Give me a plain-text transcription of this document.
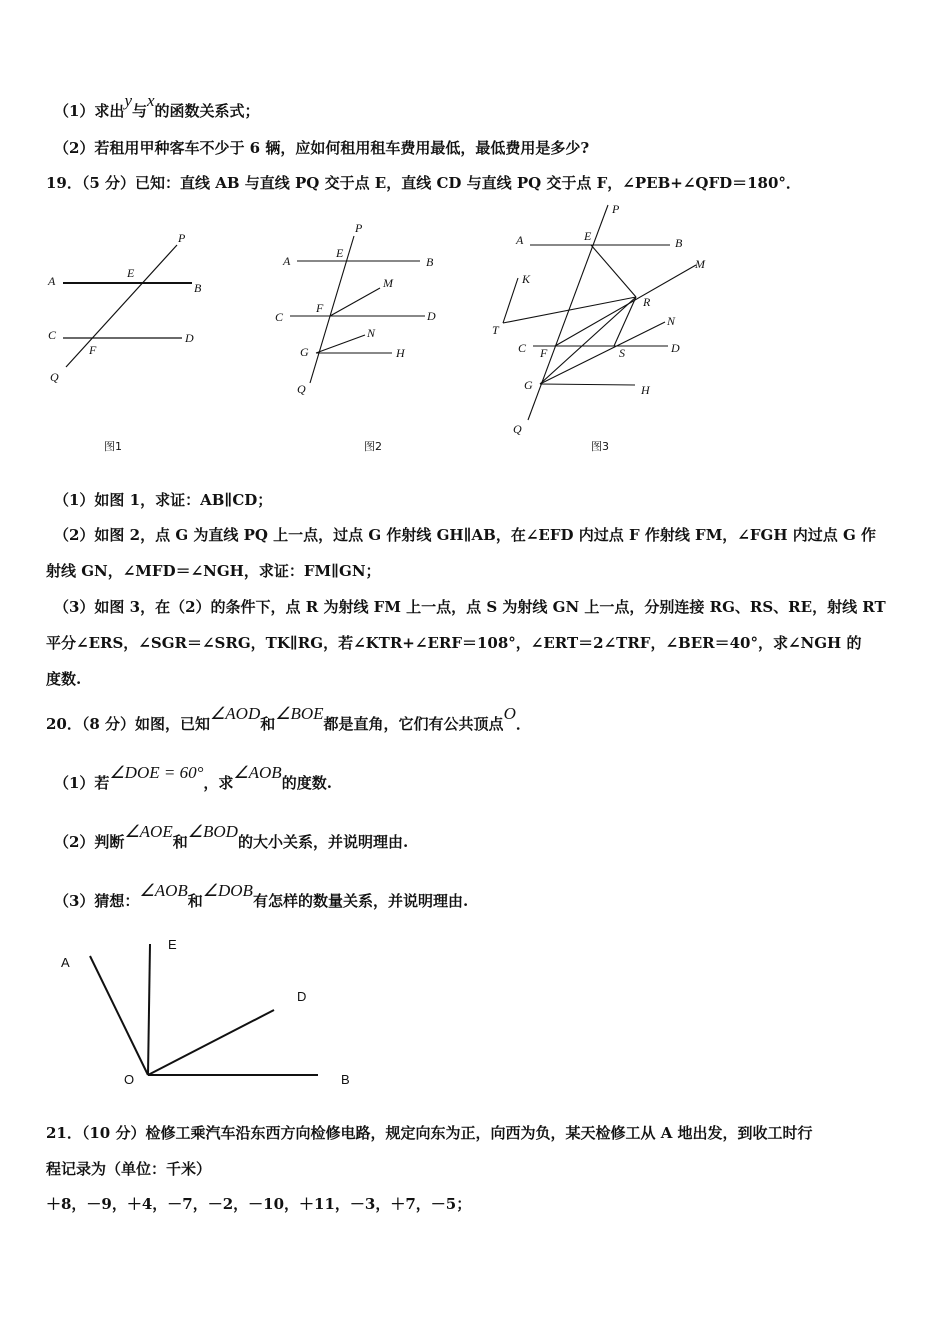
（1）求出y与x的函数关系式；
（2）若租用甲种客车不少于 6 辆，应如何租用租车费用最低，最低费用是多少?
19．（5 分）已知：直线 AB 与直线 PQ 交于点 E，直线 CD 与直线 PQ 交于点 F，∠PEB+∠QFD＝180°．
P
A
E
B
C
F
D
Q
图1
P
A
E
B
M
C
F
D
N
G	H
Q
图2
P
A	E	B
M
K
R
T
N
C F	S	D
G	H
Q
图3
（1）如图 1，求证：AB∥CD；
（2）如图 2，点 G 为直线 PQ 上一点，过点 G 作射线 GH∥AB，在∠EFD 内过点 F 作射线 FM，∠FGH 内过点 G 作
射线 GN，∠MFD＝∠NGH，求证：FM∥GN；
（3）如图 3，在（2）的条件下，点 R 为射线 FM 上一点，点 S 为射线 GN 上一点，分别连接 RG、RS、RE，射线 RT
平分∠ERS，∠SGR＝∠SRG，TK∥RG，若∠KTR+∠ERF＝108°，∠ERT＝2∠TRF，∠BER＝40°，求∠NGH 的
度数.
20．（8 分）如图，已知∠AOD和∠BOE都是直角，它们有公共顶点O．
（1）若∠DOE = 60°，求∠AOB的度数.
（2）判断∠AOE和∠BOD的大小关系，并说明理由.
（3）猜想：∠AOB和∠DOB有怎样的数量关系，并说明理由.
A
E
D
O	B
21．（10 分）检修工乘汽车沿东西方向检修电路，规定向东为正，向西为负，某天检修工从 A 地出发，到收工时行
程记录为（单位：千米）
＋8，－9，＋4，－7，－2，－10，＋11，－3，＋7，－5；
